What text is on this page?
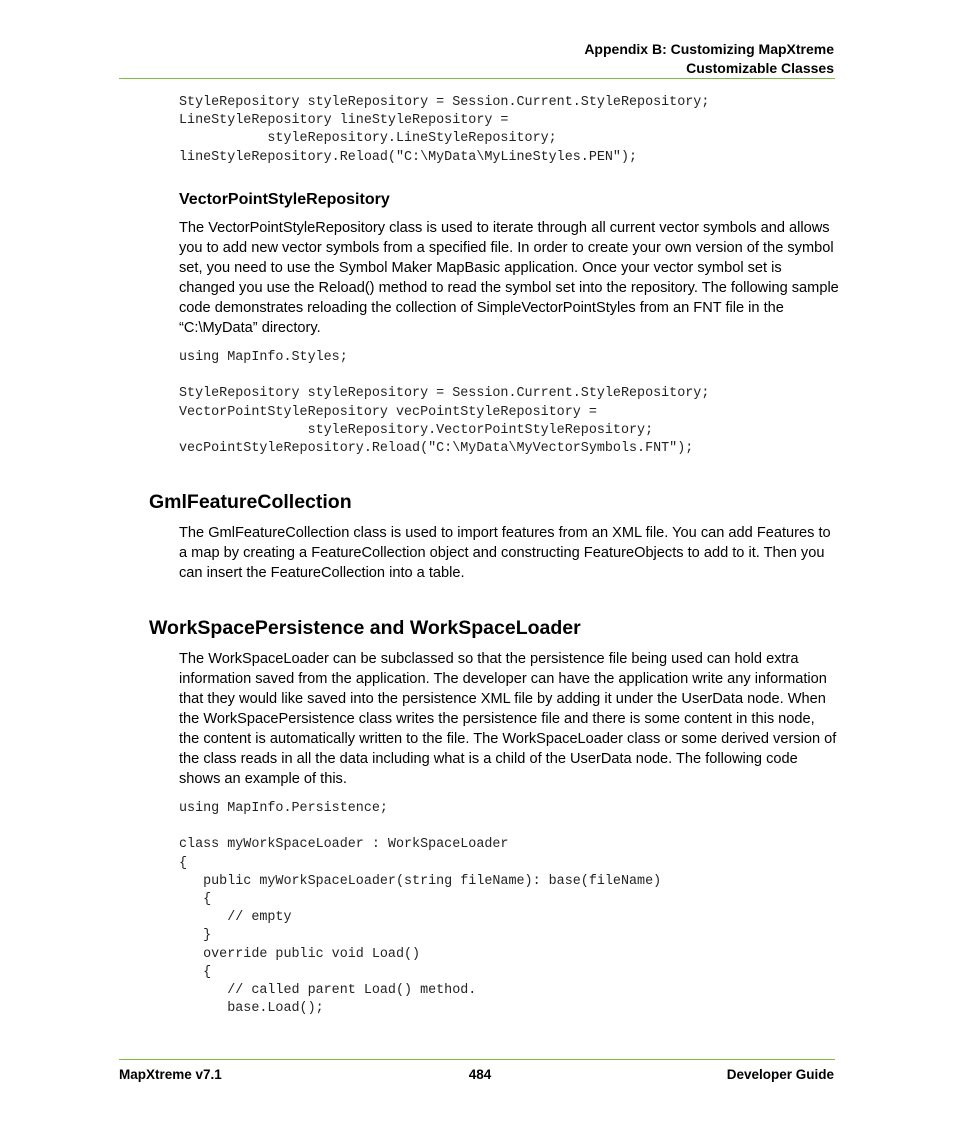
Appendix B: Customizing MapXtreme
Customizable Classes
StyleRepository styleRepository = Session.Current.StyleRepository;
LineStyleRepository lineStyleRepository =
styleRepository.LineStyleRepository;
lineStyleRepository.Reload("C:\MyData\MyLineStyles.PEN");
VectorPointStyleRepository

The VectorPointStyleRepository class is used to iterate through all current vector symbols and allows you to add new vector symbols from a specified file. In order to create your own version of the symbol set, you need to use the Symbol Maker MapBasic application. Once your vector symbol set is changed you use the Reload() method to read the symbol set into the repository. The following sample code demonstrates reloading the collection of SimpleVectorPointStyles from an FNT file in the “C:\MyData” directory.

using MapInfo.Styles;

StyleRepository styleRepository = Session.Current.StyleRepository;
VectorPointStyleRepository vecPointStyleRepository =
styleRepository.VectorPointStyleRepository;
vecPointStyleRepository.Reload("C:\MyData\MyVectorSymbols.FNT");
GmlFeatureCollection

The GmlFeatureCollection class is used to import features from an XML file. You can add Features to a map by creating a FeatureCollection object and constructing FeatureObjects to add to it. Then you can insert the FeatureCollection into a table.

WorkSpacePersistence and WorkSpaceLoader

The WorkSpaceLoader can be subclassed so that the persistence file being used can hold extra information saved from the application. The developer can have the application write any information that they would like saved into the persistence XML file by adding it under the UserData node. When the WorkSpacePersistence class writes the persistence file and there is some content in this node, the content is automatically written to the file. The WorkSpaceLoader class or some derived version of the class reads in all the data including what is a child of the UserData node. The following code shows an example of this.

using MapInfo.Persistence;

class myWorkSpaceLoader : WorkSpaceLoader
{
public myWorkSpaceLoader(string fileName): base(fileName)
{
// empty
}
override public void Load()
{
// called parent Load() method.
base.Load();
MapXtreme v7.1	484	Developer Guide
